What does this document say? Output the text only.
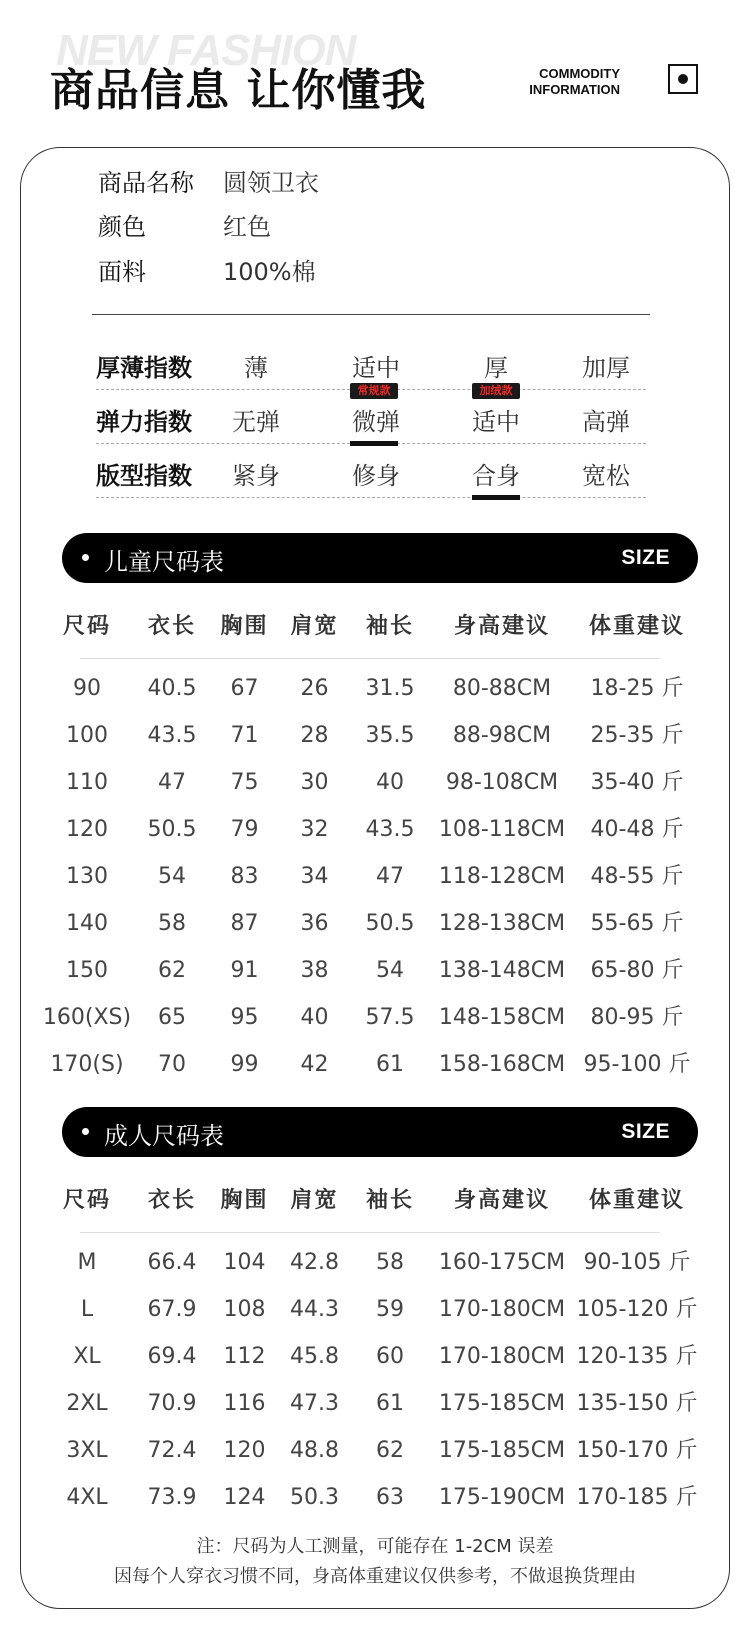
NEW FASHION
商品信息 让你懂我	COMMODITY
INFORMATION
商品名称	圆领卫衣
颜色	红色
面料	100%棉
厚薄指数	薄	适中	厚	加厚
常规款	加绒款
弹力指数	无弹	微弹	适中	高弹
版型指数	紧身	修身	合身	宽松
儿童尺码表	SIZE
尺码	衣长	胸围 肩宽	袖长	身高建议	体重建议
90	40.5	67	26	31.5	80-88CM	18-25 斤
100	43.5	71	28	35.5	88-98CM	25-35 斤
110	47	75	30	40	98-108CM	35-40 斤
120	50.5	79	32	43.5	108-118CM	40-48 斤
130	54	83	34	47	118-128CM	48-55 斤
140	58	87	36	50.5	128-138CM	55-65 斤
150	62	91	38	54	138-148CM	65-80 斤
160(XS)	65	95	40	57.5	148-158CM	80-95 斤
170(S)	70	99	42	61	158-168CM 95-100 斤
成人尺码表	SIZE
尺码	衣长	胸围 肩宽	袖长	身高建议	体重建议
M	66.4	104	42.8	58	160-175CM 90-105 斤
L	67.9	108	44.3	59	170-180CM 105-120 斤
XL	69.4	112	45.8	60	170-180CM 120-135 斤
2XL	70.9	116	47.3	61	175-185CM 135-150 斤
3XL	72.4	120	48.8	62	175-185CM 150-170 斤
4XL	73.9	124	50.3	63	175-190CM 170-185 斤
注：尺码为人工测量，可能存在 1-2CM 误差
因每个人穿衣习惯不同，身高体重建议仅供参考，不做退换货理由
